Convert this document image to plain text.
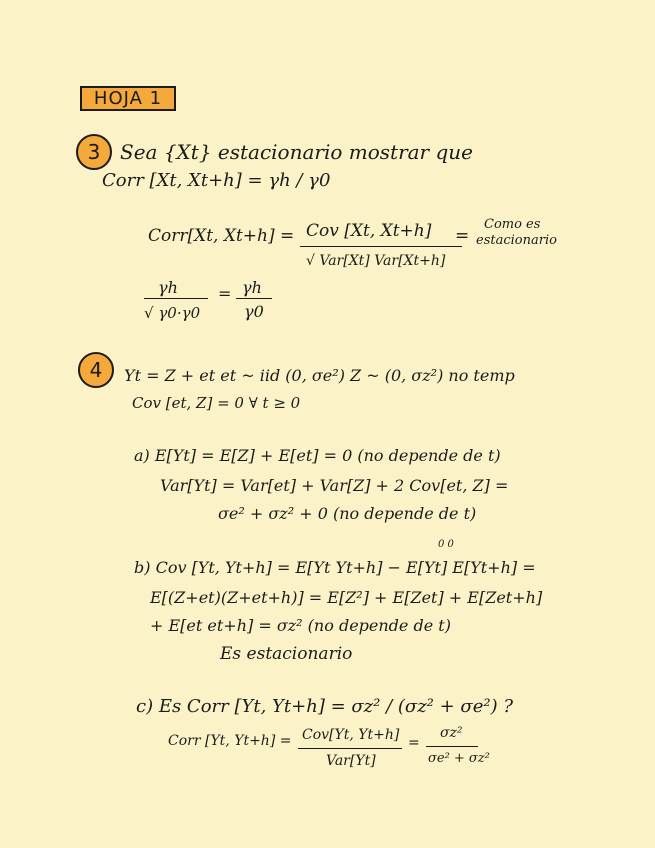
HOJA 1
3 Sea {Xt} estacionario mostrar que
Corr [Xt, Xt+h] = γh / γ0
Corr[Xt, Xt+h] = Cov [Xt, Xt+h]
√ Var[Xt] Var[Xt+h]
=
Como es
estacionario
γh
√ γ0·γ0
= γh
γ0
4	Yt = Z + et et ~ iid (0, σe²) Z ~ (0, σz²) no temp
Cov [et, Z] = 0 ∀ t ≥ 0
a) E[Yt] = E[Z] + E[et] = 0 (no depende de t)
Var[Yt] = Var[et] + Var[Z] + 2 Cov[et, Z] =
σe² + σz² + 0 (no depende de t)
0 0
b) Cov [Yt, Yt+h] = E[Yt Yt+h] − E[Yt] E[Yt+h] =
E[(Z+et)(Z+et+h)] = E[Z²] + E[Zet] + E[Zet+h]
+ E[et et+h] = σz² (no depende de t)
Es estacionario
c) Es Corr [Yt, Yt+h] = σz² / (σz² + σe²) ?
Corr [Yt, Yt+h] = Cov[Yt, Yt+h]
Var[Yt]
=
σz²
σe² + σz²
